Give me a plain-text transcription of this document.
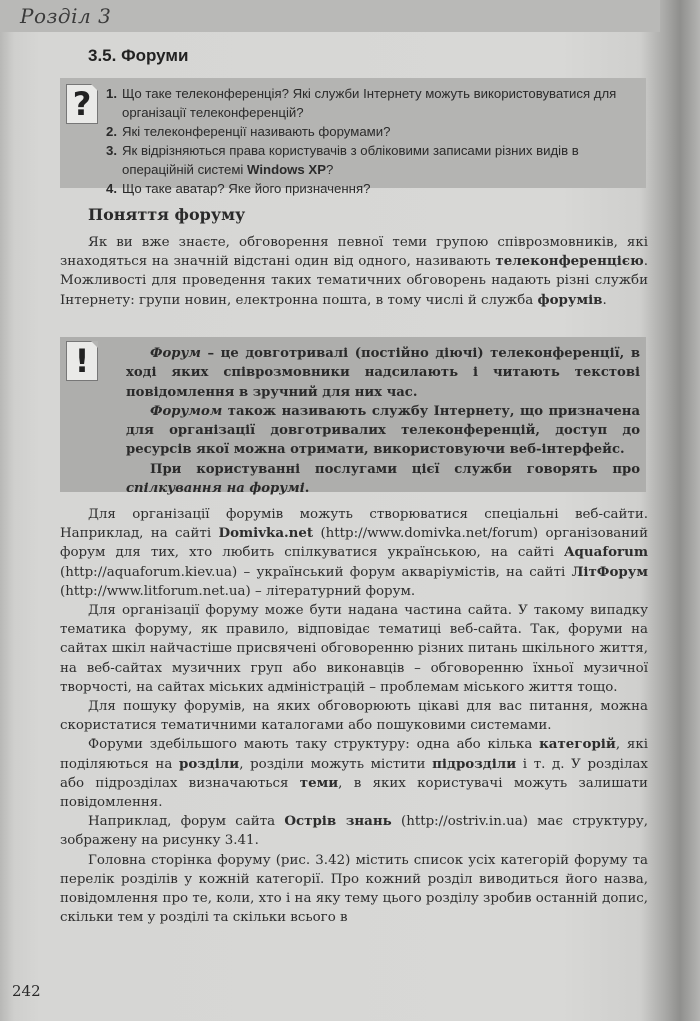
Розділ 3
3.5. Форуми
?	1. Що таке телеконференція? Які служби Інтернету можуть використовуватися для організації телеконференцій?
2. Які телеконференції називають форумами?
3. Як відрізняються права користувачів з обліковими записами різних видів в операційній системі Windows XP?
4. Що таке аватар? Яке його призначення?
Поняття форуму

Як ви вже знаєте, обговорення певної теми групою співрозмовників, які знаходяться на значній відстані один від одного, називають телеконференцією. Можливості для проведення таких тематичних обговорень надають різні служби Інтернету: групи новин, електронна пошта, в тому числі й служба форумів.

!	Форум – це довготривалі (постійно діючі) телеконференції, в ході яких співрозмовники надсилають і читають текстові повідомлення в зручний для них час.

Форумом також називають службу Інтернету, що призначена для організації довготривалих телеконференцій, доступ до ресурсів якої можна отримати, використовуючи веб-інтерфейс.

При користуванні послугами цієї служби говорять про спілкування на форумі.

Для організації форумів можуть створюватися спеціальні веб-сайти. Наприклад, на сайті Domivka.net (http://www.domivka.net/forum) організований форум для тих, хто любить спілкуватися українською, на сайті Aquaforum (http://aquaforum.kiev.ua) – український форум акваріумістів, на сайті ЛітФорум (http://www.litforum.net.ua) – літературний форум.

Для організації форуму може бути надана частина сайта. У такому випадку тематика форуму, як правило, відповідає тематиці веб-сайта. Так, форуми на сайтах шкіл найчастіше присвячені обговоренню різних питань шкільного життя, на веб-сайтах музичних груп або виконавців – обговоренню їхньої музичної творчості, на сайтах міських адміністрацій – проблемам міського життя тощо.

Для пошуку форумів, на яких обговорюють цікаві для вас питання, можна скористатися тематичними каталогами або пошуковими системами.

Форуми здебільшого мають таку структуру: одна або кілька категорій, які поділяються на розділи, розділи можуть містити підрозділи і т. д. У розділах або підрозділах визначаються теми, в яких користувачі можуть залишати повідомлення.

Наприклад, форум сайта Острів знань (http://ostriv.in.ua) має структуру, зображену на рисунку 3.41.

Головна сторінка форуму (рис. 3.42) містить список усіх категорій форуму та перелік розділів у кожній категорії. Про кожний розділ виводиться його назва, повідомлення про те, коли, хто і на яку тему цього розділу зробив останній допис, скільки тем у розділі та скільки всього в

242
